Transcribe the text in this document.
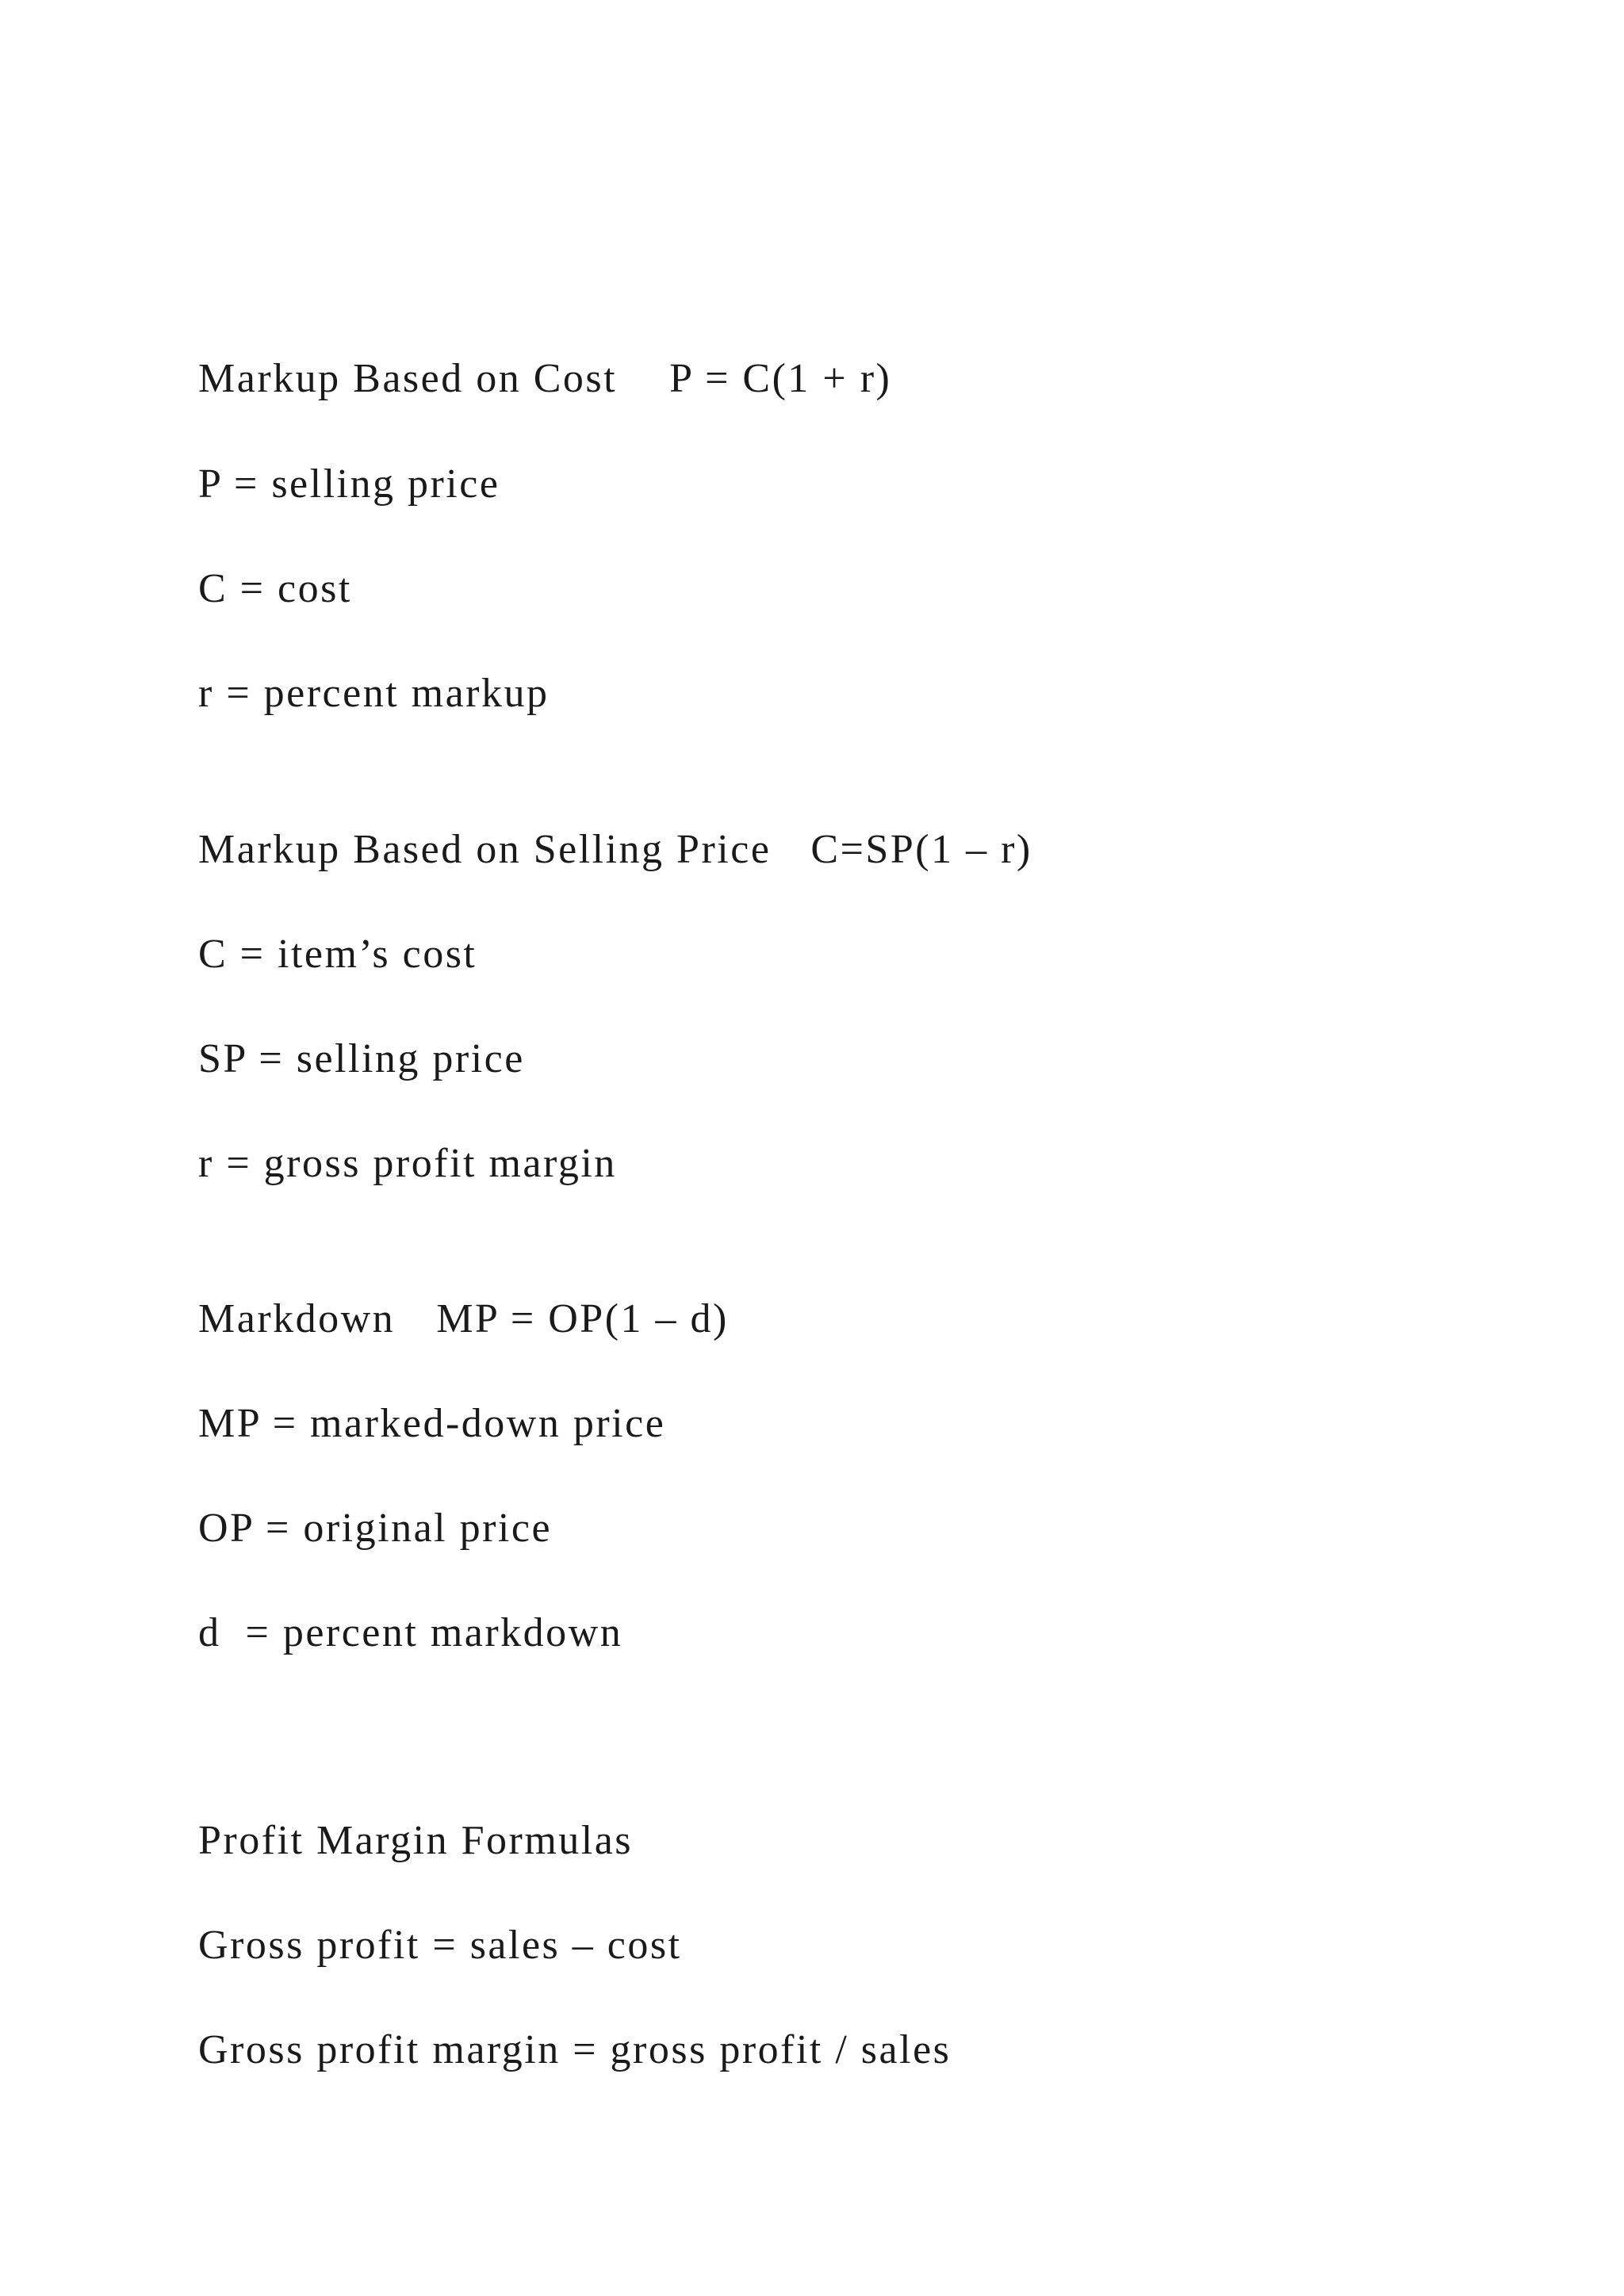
Markup Based on Cost P = C(1 + r)
P = selling price
C = cost
r = percent markup
Markup Based on Selling Price C=SP(1 – r)
C = item’s cost
SP = selling price
r = gross profit margin
Markdown MP = OP(1 – d)
MP = marked-down price
OP = original price
d  = percent markdown
Profit Margin Formulas
Gross profit = sales – cost
Gross profit margin = gross profit / sales
